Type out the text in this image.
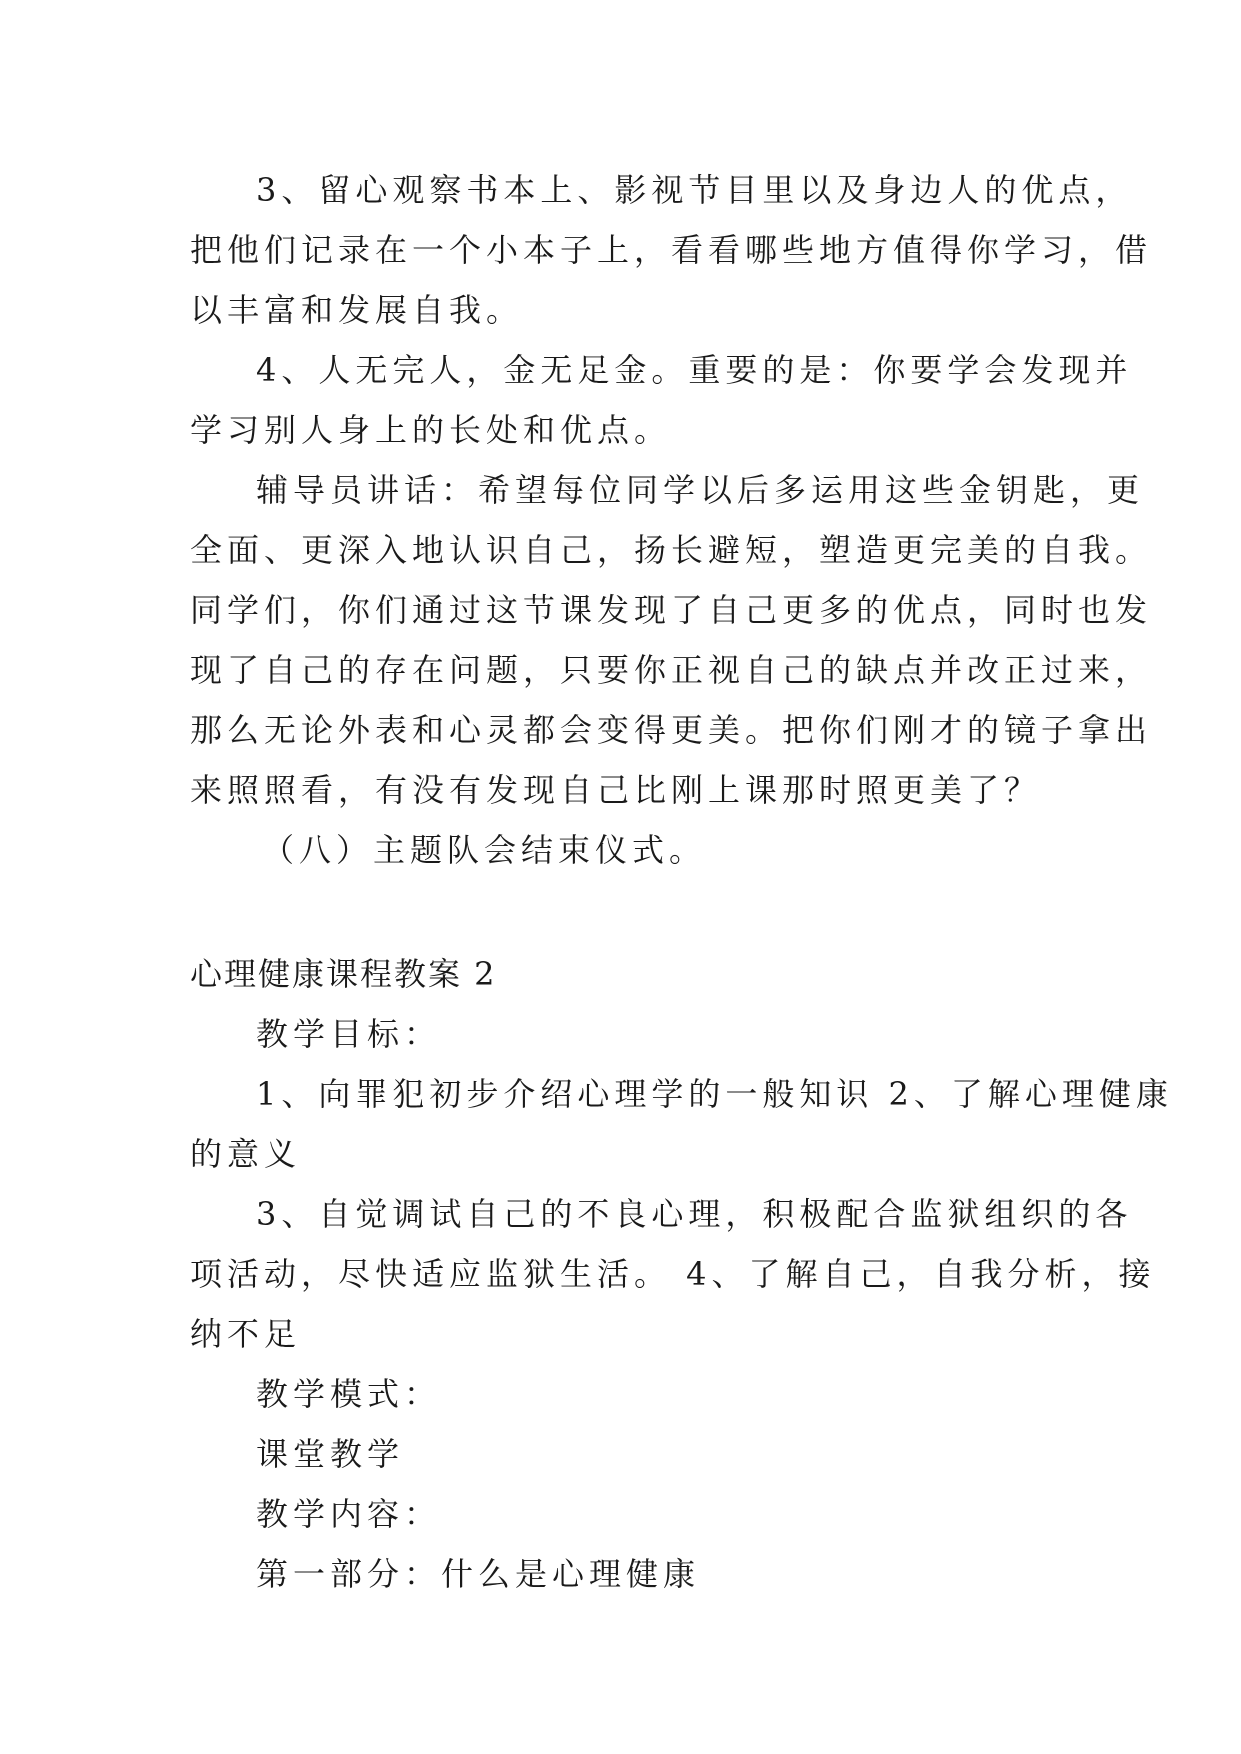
3、留心观察书本上、影视节目里以及身边人的优点，
把他们记录在一个小本子上，看看哪些地方值得你学习，借
以丰富和发展自我。
4、人无完人，金无足金。重要的是：你要学会发现并
学习别人身上的长处和优点。
辅导员讲话：希望每位同学以后多运用这些金钥匙，更
全面、更深入地认识自己，扬长避短，塑造更完美的自我。
同学们，你们通过这节课发现了自己更多的优点，同时也发
现了自己的存在问题，只要你正视自己的缺点并改正过来，
那么无论外表和心灵都会变得更美。把你们刚才的镜子拿出
来照照看，有没有发现自己比刚上课那时照更美了？
（八）主题队会结束仪式。
心理健康课程教案 2
教学目标：
1、向罪犯初步介绍心理学的一般知识 2、了解心理健康
的意义
3、自觉调试自己的不良心理，积极配合监狱组织的各
项活动，尽快适应监狱生活。 4、了解自己，自我分析，接
纳不足
教学模式：
课堂教学
教学内容：
第一部分：什么是心理健康
